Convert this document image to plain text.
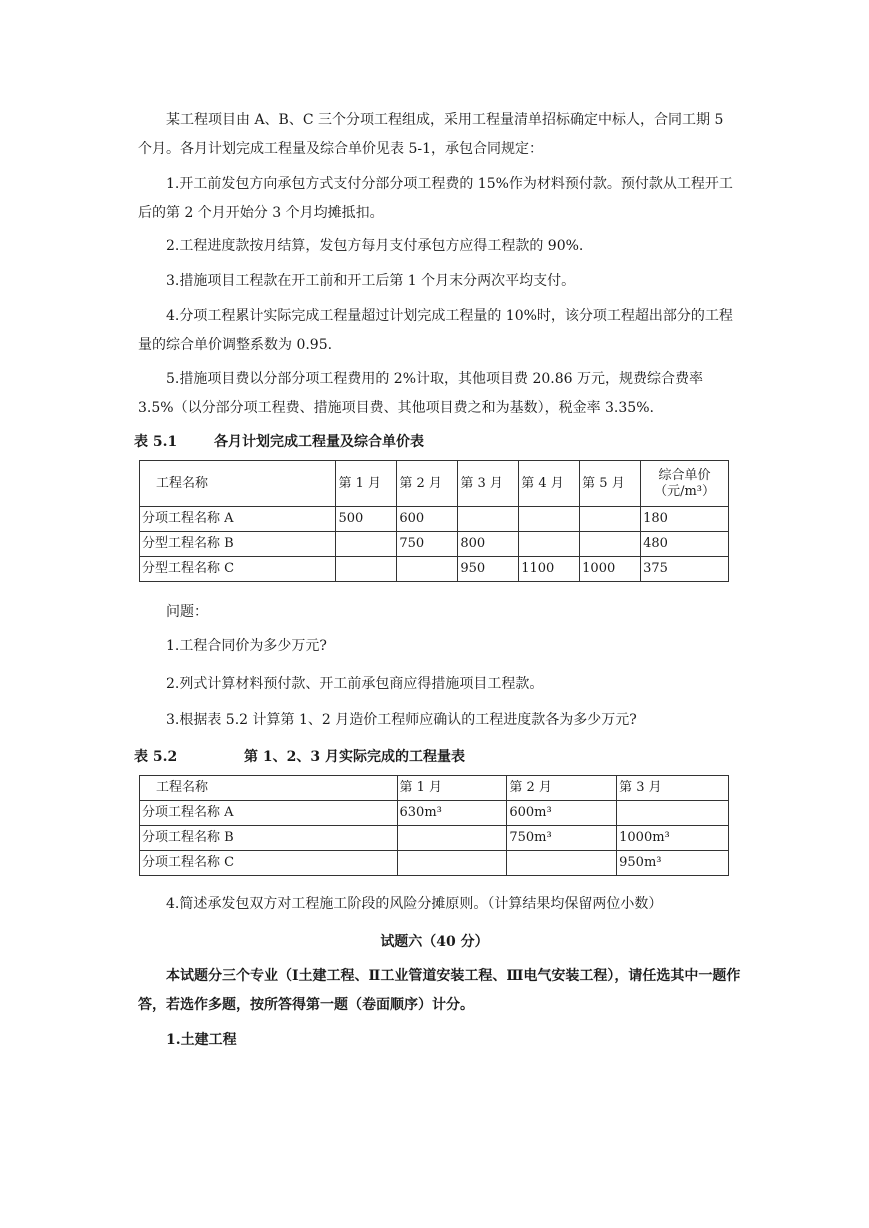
某工程项目由 A、B、C 三个分项工程组成，采用工程量清单招标确定中标人，合同工期 5 个月。各月计划完成工程量及综合单价见表 5-1，承包合同规定：

1.开工前发包方向承包方式支付分部分项工程费的 15%作为材料预付款。预付款从工程开工后的第 2 个月开始分 3 个月均摊抵扣。

2.工程进度款按月结算，发包方每月支付承包方应得工程款的 90%.

3.措施项目工程款在开工前和开工后第 1 个月末分两次平均支付。

4.分项工程累计实际完成工程量超过计划完成工程量的 10%时，该分项工程超出部分的工程量的综合单价调整系数为 0.95.

5.措施项目费以分部分项工程费用的 2%计取，其他项目费 20.86 万元，规费综合费率 3.5%（以分部分项工程费、措施项目费、其他项目费之和为基数），税金率 3.35%.

表 5.1	各月计划完成工程量及综合单价表
工程名称	第 1 月	第 2 月	第 3 月	第 4 月	第 5 月	综合单价
（元/m³）

分项工程名称 A	500	600				180
分型工程名称 B		750	800			480
分型工程名称 C			950	1100	1000	375

问题：

1.工程合同价为多少万元?

2.列式计算材料预付款、开工前承包商应得措施项目工程款。

3.根据表 5.2 计算第 1、2 月造价工程师应确认的工程进度款各为多少万元?

表 5.2	第 1、2、3 月实际完成的工程量表
工程名称	第 1 月	第 2 月	第 3 月
分项工程名称 A	630m³	600m³	
分项工程名称 B		750m³	1000m³
分项工程名称 C			950m³

4.简述承发包双方对工程施工阶段的风险分摊原则。（计算结果均保留两位小数）

试题六（40 分）

本试题分三个专业（Ⅰ土建工程、Ⅱ工业管道安装工程、Ⅲ电气安装工程），请任选其中一题作答，若选作多题，按所答得第一题（卷面顺序）计分。

1.土建工程
